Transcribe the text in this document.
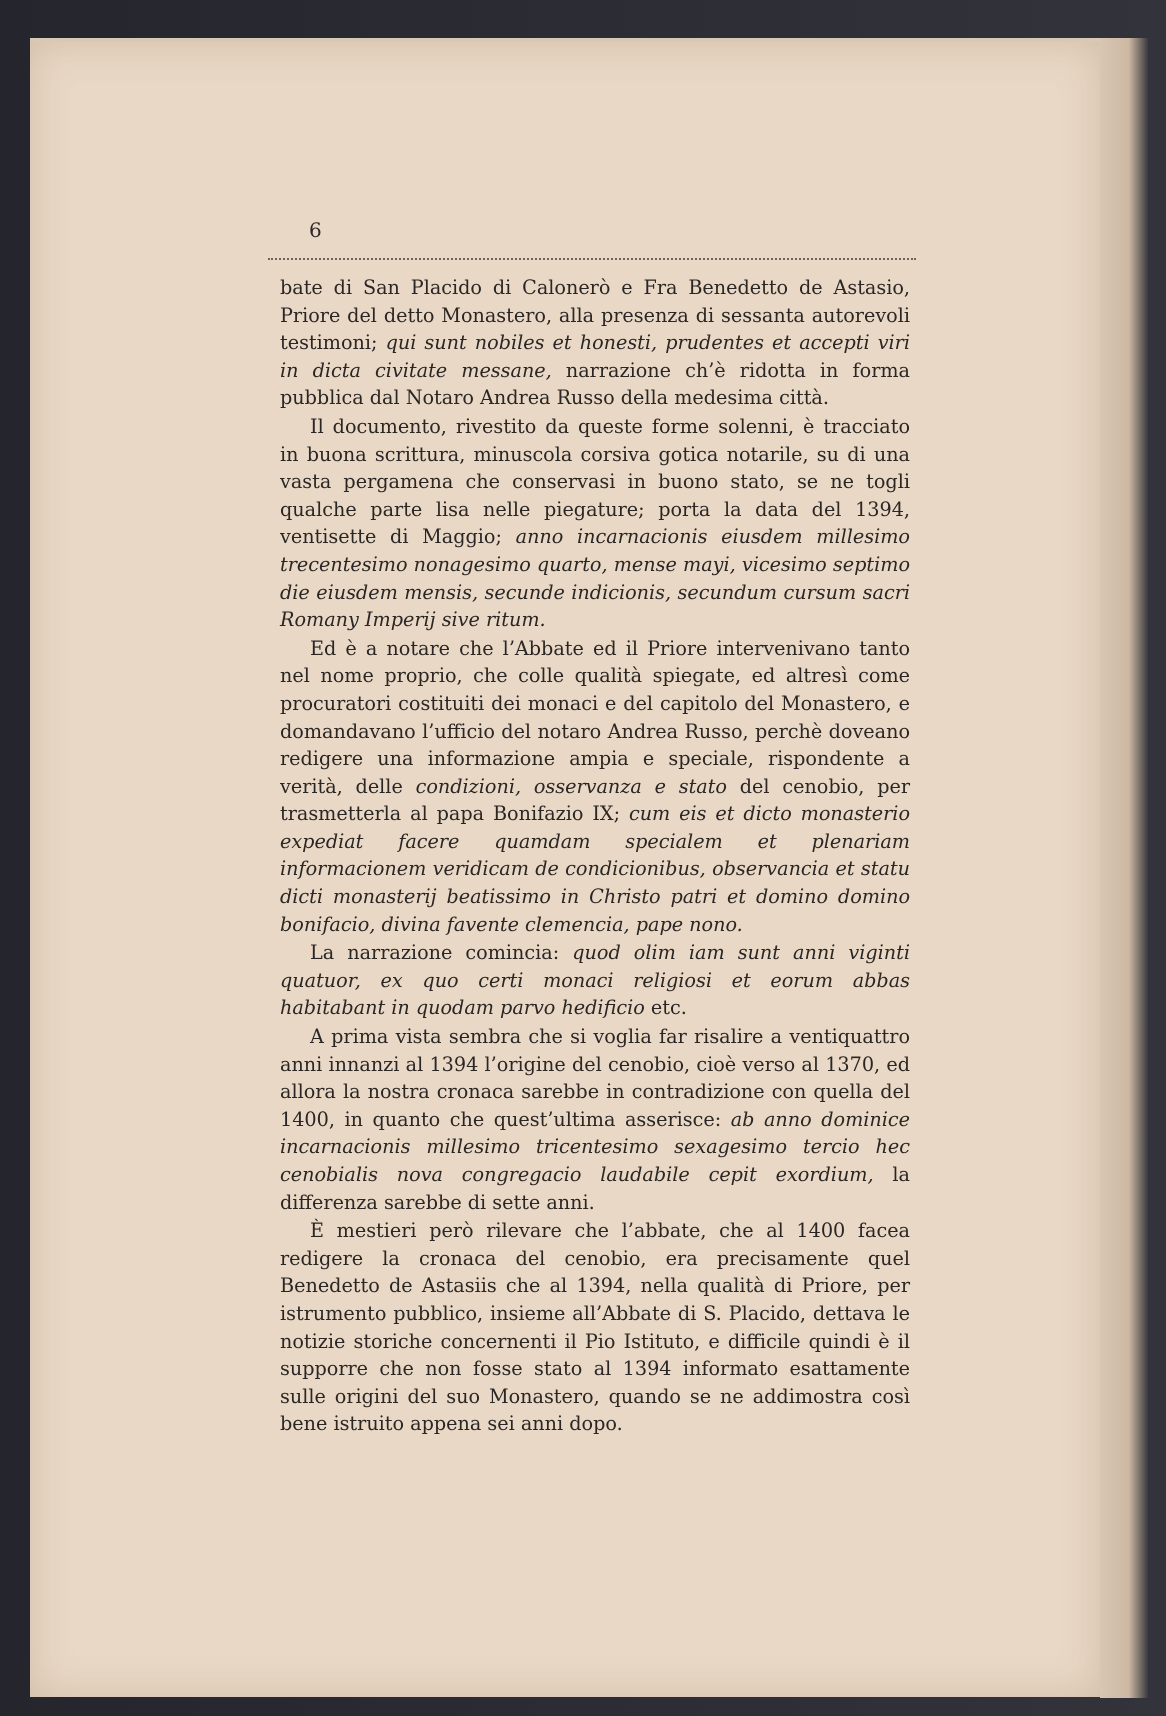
6

bate di San Placido di Calonerò e Fra Benedetto de Astasio, Priore del detto Monastero, alla presenza di sessanta autorevoli testimoni; qui sunt nobiles et honesti, prudentes et accepti viri in dicta civitate messane, narrazione ch’è ridotta in forma pubblica dal Notaro Andrea Russo della medesima città.

Il documento, rivestito da queste forme solenni, è tracciato in buona scrittura, minuscola corsiva gotica notarile, su di una vasta pergamena che conservasi in buono stato, se ne togli qualche parte lisa nelle piegature; porta la data del 1394, ventisette di Maggio; anno incarnacionis eiusdem millesimo trecentesimo nonagesimo quarto, mense mayi, vicesimo septimo die eiusdem mensis, secunde indicionis, secundum cursum sacri Romany Imperij sive ritum.

Ed è a notare che l’Abbate ed il Priore intervenivano tanto nel nome proprio, che colle qualità spiegate, ed altresì come procuratori costituiti dei monaci e del capitolo del Monastero, e domandavano l’ufficio del notaro Andrea Russo, perchè doveano redigere una informazione ampia e speciale, rispondente a verità, delle condizioni, osservanza e stato del cenobio, per trasmetterla al papa Bonifazio IX; cum eis et dicto monasterio expediat facere quamdam specialem et plenariam informacionem veridicam de condicionibus, observancia et statu dicti monasterij beatissimo in Christo patri et domino domino bonifacio, divina favente clemencia, pape nono.

La narrazione comincia: quod olim iam sunt anni viginti quatuor, ex quo certi monaci religiosi et eorum abbas habitabant in quodam parvo hedificio etc.

A prima vista sembra che si voglia far risalire a ventiquattro anni innanzi al 1394 l’origine del cenobio, cioè verso al 1370, ed allora la nostra cronaca sarebbe in contradizione con quella del 1400, in quanto che quest’ultima asserisce: ab anno dominice incarnacionis millesimo tricentesimo sexagesimo tercio hec cenobialis nova congregacio laudabile cepit exordium, la differenza sarebbe di sette anni.

È mestieri però rilevare che l’abbate, che al 1400 facea redigere la cronaca del cenobio, era precisamente quel Benedetto de Astasiis che al 1394, nella qualità di Priore, per istrumento pubblico, insieme all’Abbate di S. Placido, dettava le notizie storiche concernenti il Pio Istituto, e difficile quindi è il supporre che non fosse stato al 1394 informato esattamente sulle origini del suo Monastero, quando se ne addimostra così bene istruito appena sei anni dopo.
